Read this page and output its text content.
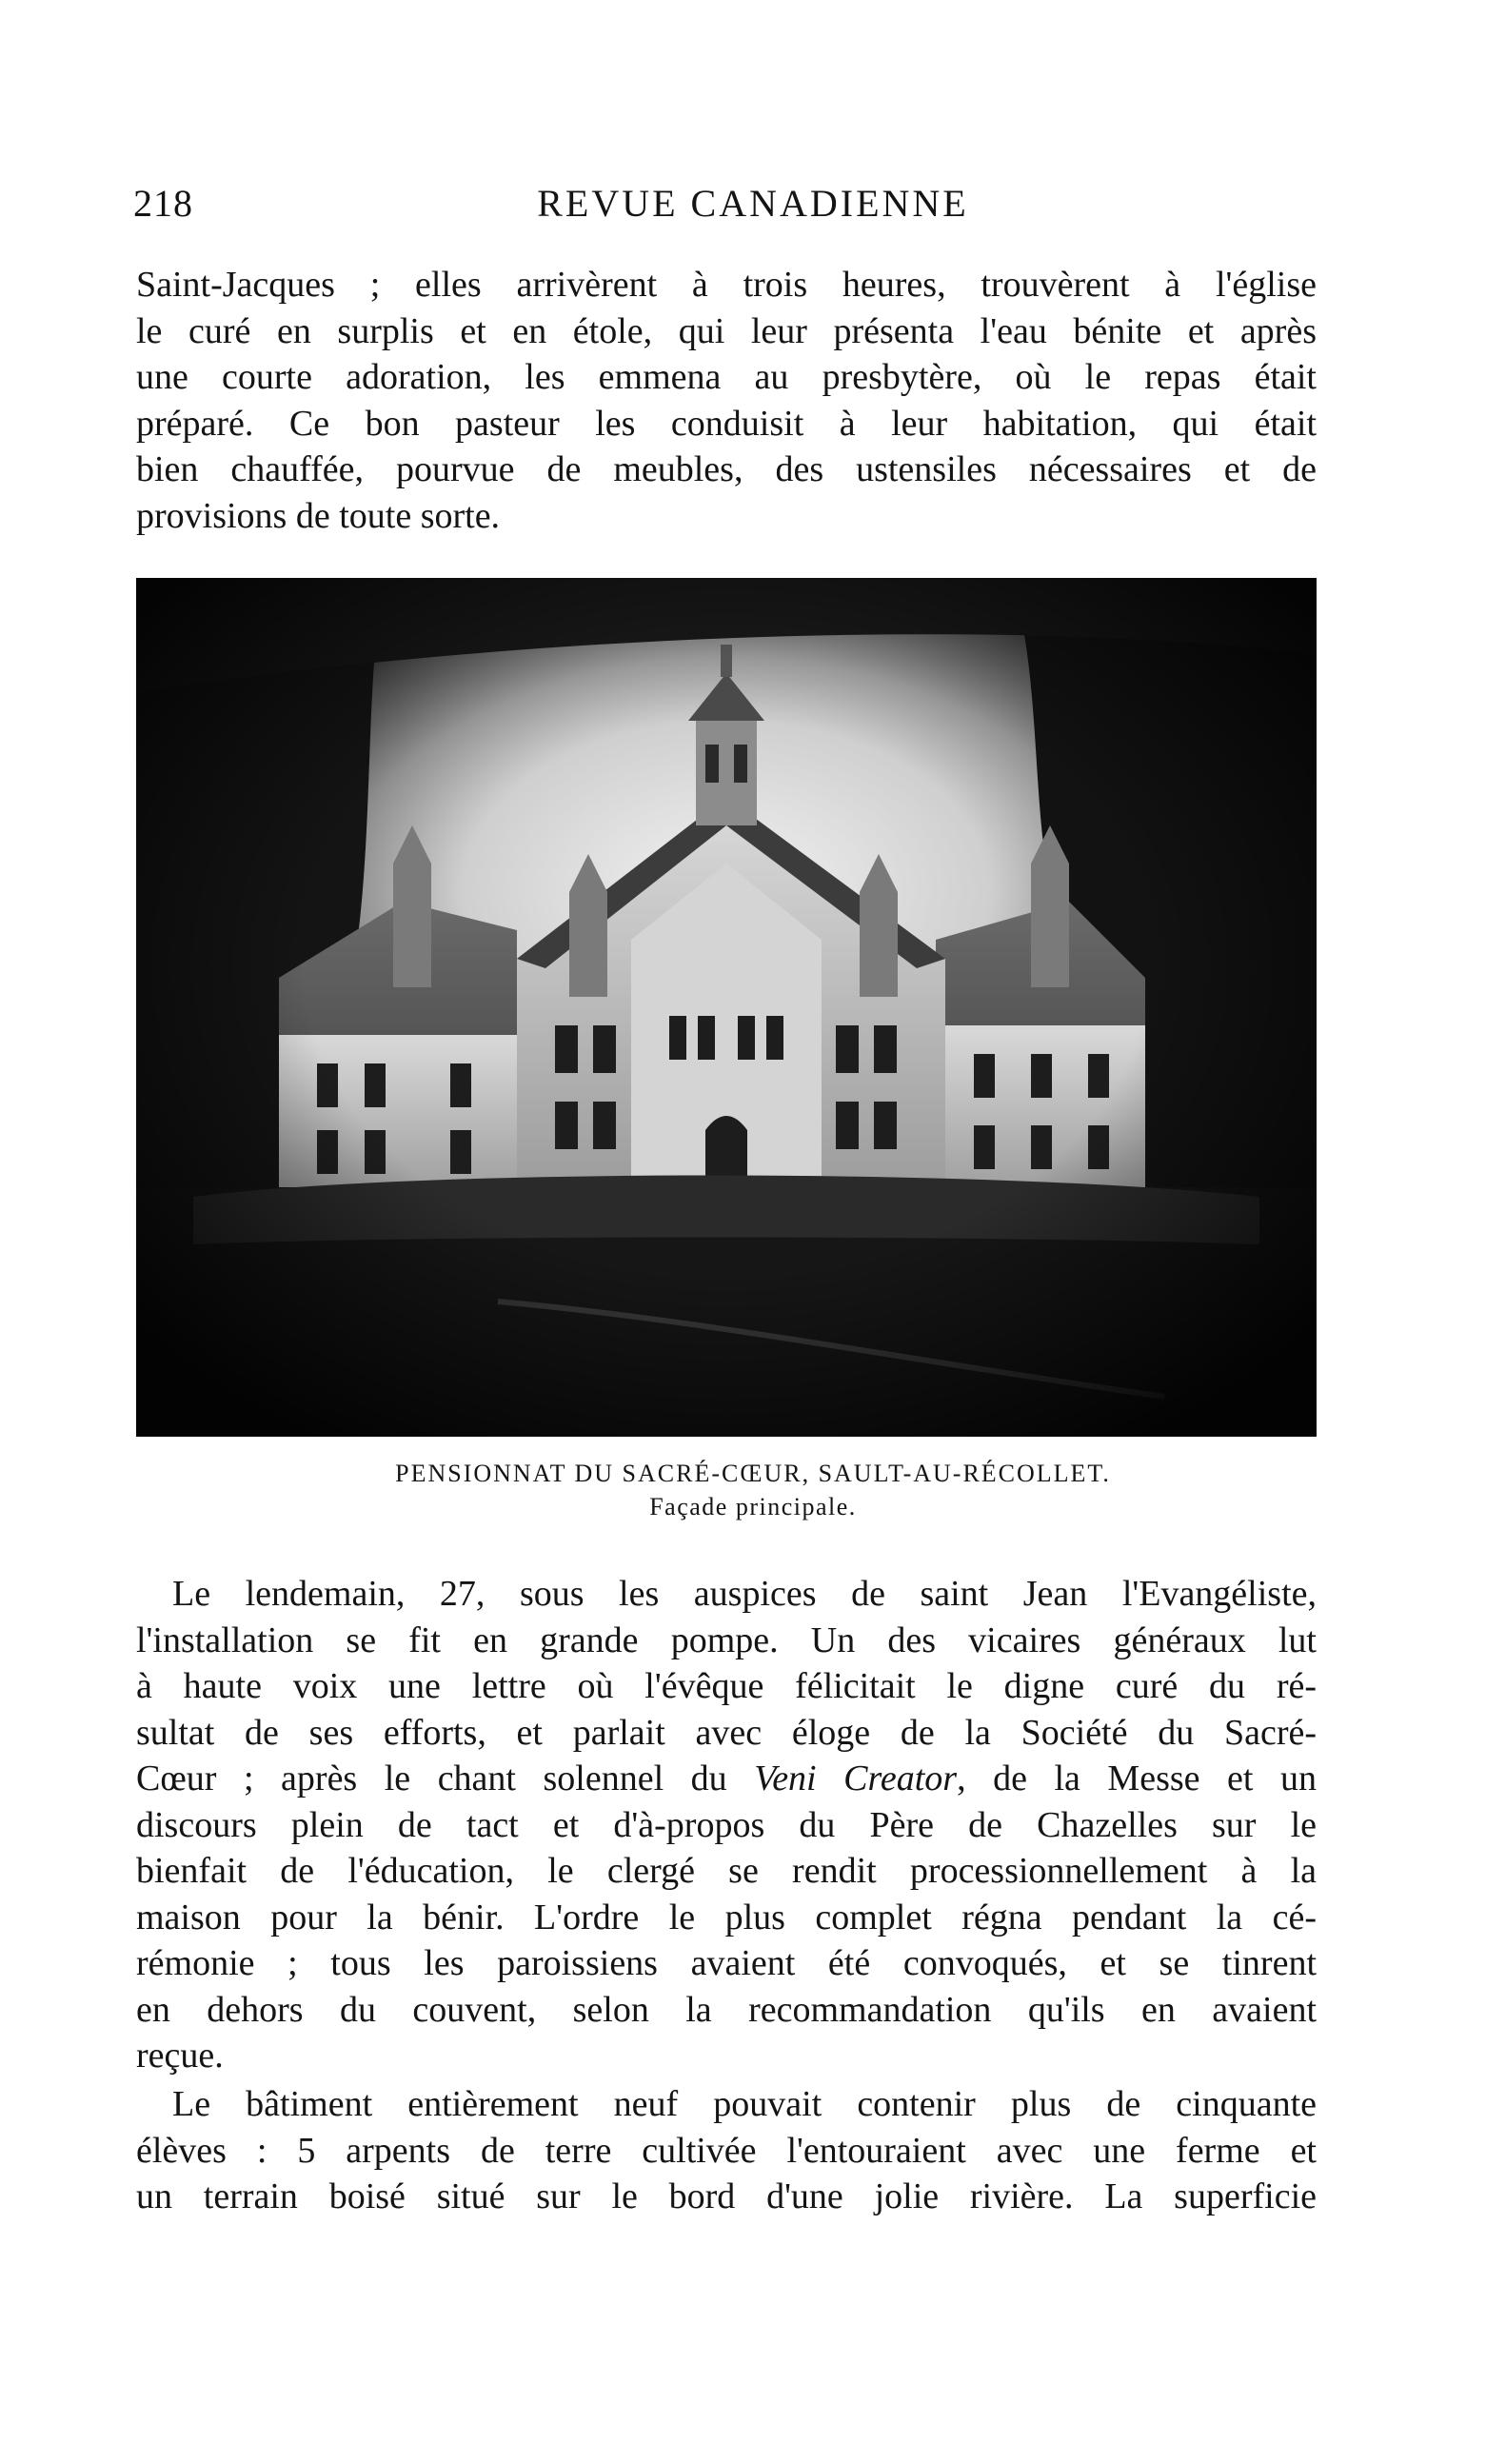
218	REVUE CANADIENNE
Saint-Jacques ; elles arrivèrent à trois heures, trouvèrent à l'église
le curé en surplis et en étole, qui leur présenta l'eau bénite et après
une courte adoration, les emmena au presbytère, où le repas était
préparé. Ce bon pasteur les conduisit à leur habitation, qui était
bien chauffée, pourvue de meubles, des ustensiles nécessaires et de
provisions de toute sorte.
PENSIONNAT DU SACRÉ-CŒUR, SAULT-AU-RÉCOLLET.
Façade principale.
Le lendemain, 27, sous les auspices de saint Jean l'Evangéliste,
l'installation se fit en grande pompe. Un des vicaires généraux lut
à haute voix une lettre où l'évêque félicitait le digne curé du ré-
sultat de ses efforts, et parlait avec éloge de la Société du Sacré-
Cœur ; après le chant solennel du Veni Creator, de la Messe et un
discours plein de tact et d'à-propos du Père de Chazelles sur le
bienfait de l'éducation, le clergé se rendit processionnellement à la
maison pour la bénir. L'ordre le plus complet régna pendant la cé-
rémonie ; tous les paroissiens avaient été convoqués, et se tinrent
en dehors du couvent, selon la recommandation qu'ils en avaient
reçue.
Le bâtiment entièrement neuf pouvait contenir plus de cinquante
élèves : 5 arpents de terre cultivée l'entouraient avec une ferme et
un terrain boisé situé sur le bord d'une jolie rivière. La superficie
